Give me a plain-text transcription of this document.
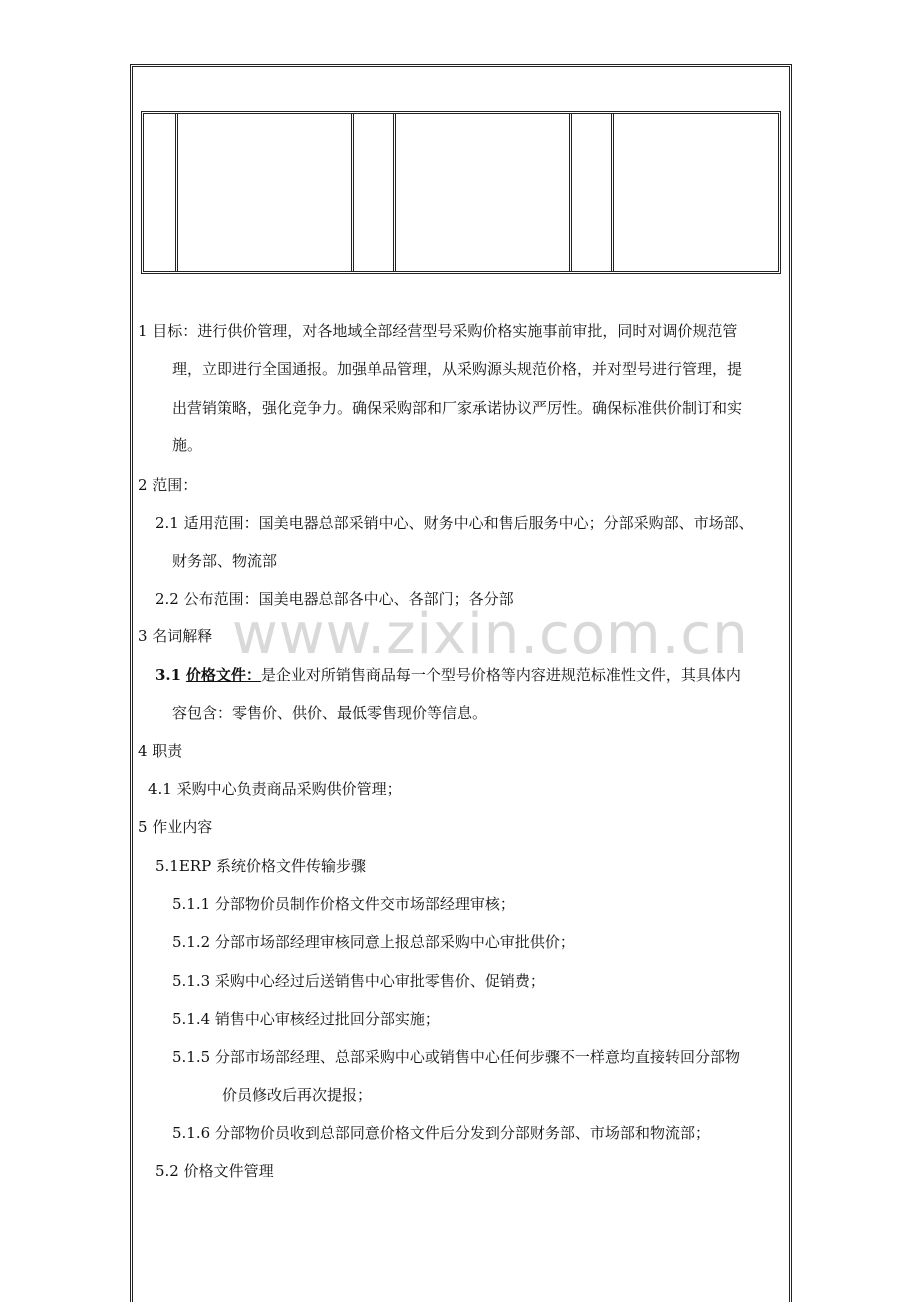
www.zixin.com.cn
1 目标：进行供价管理，对各地域全部经营型号采购价格实施事前审批，同时对调价规范管
理，立即进行全国通报。加强单品管理，从采购源头规范价格，并对型号进行管理，提
出营销策略，强化竞争力。确保采购部和厂家承诺协议严厉性。确保标准供价制订和实
施。
2 范围：
2.1 适用范围：国美电器总部采销中心、财务中心和售后服务中心；分部采购部、市场部、
财务部、物流部
2.2 公布范围：国美电器总部各中心、各部门；各分部
3 名词解释
3.1 价格文件：是企业对所销售商品每一个型号价格等内容进规范标准性文件，其具体内
容包含：零售价、供价、最低零售现价等信息。
4 职责
4.1 采购中心负责商品采购供价管理；
5 作业内容
5.1ERP 系统价格文件传输步骤
5.1.1 分部物价员制作价格文件交市场部经理审核；
5.1.2 分部市场部经理审核同意上报总部采购中心审批供价；
5.1.3 采购中心经过后送销售中心审批零售价、促销费；
5.1.4 销售中心审核经过批回分部实施；
5.1.5 分部市场部经理、总部采购中心或销售中心任何步骤不一样意均直接转回分部物
价员修改后再次提报；
5.1.6 分部物价员收到总部同意价格文件后分发到分部财务部、市场部和物流部；
5.2 价格文件管理
